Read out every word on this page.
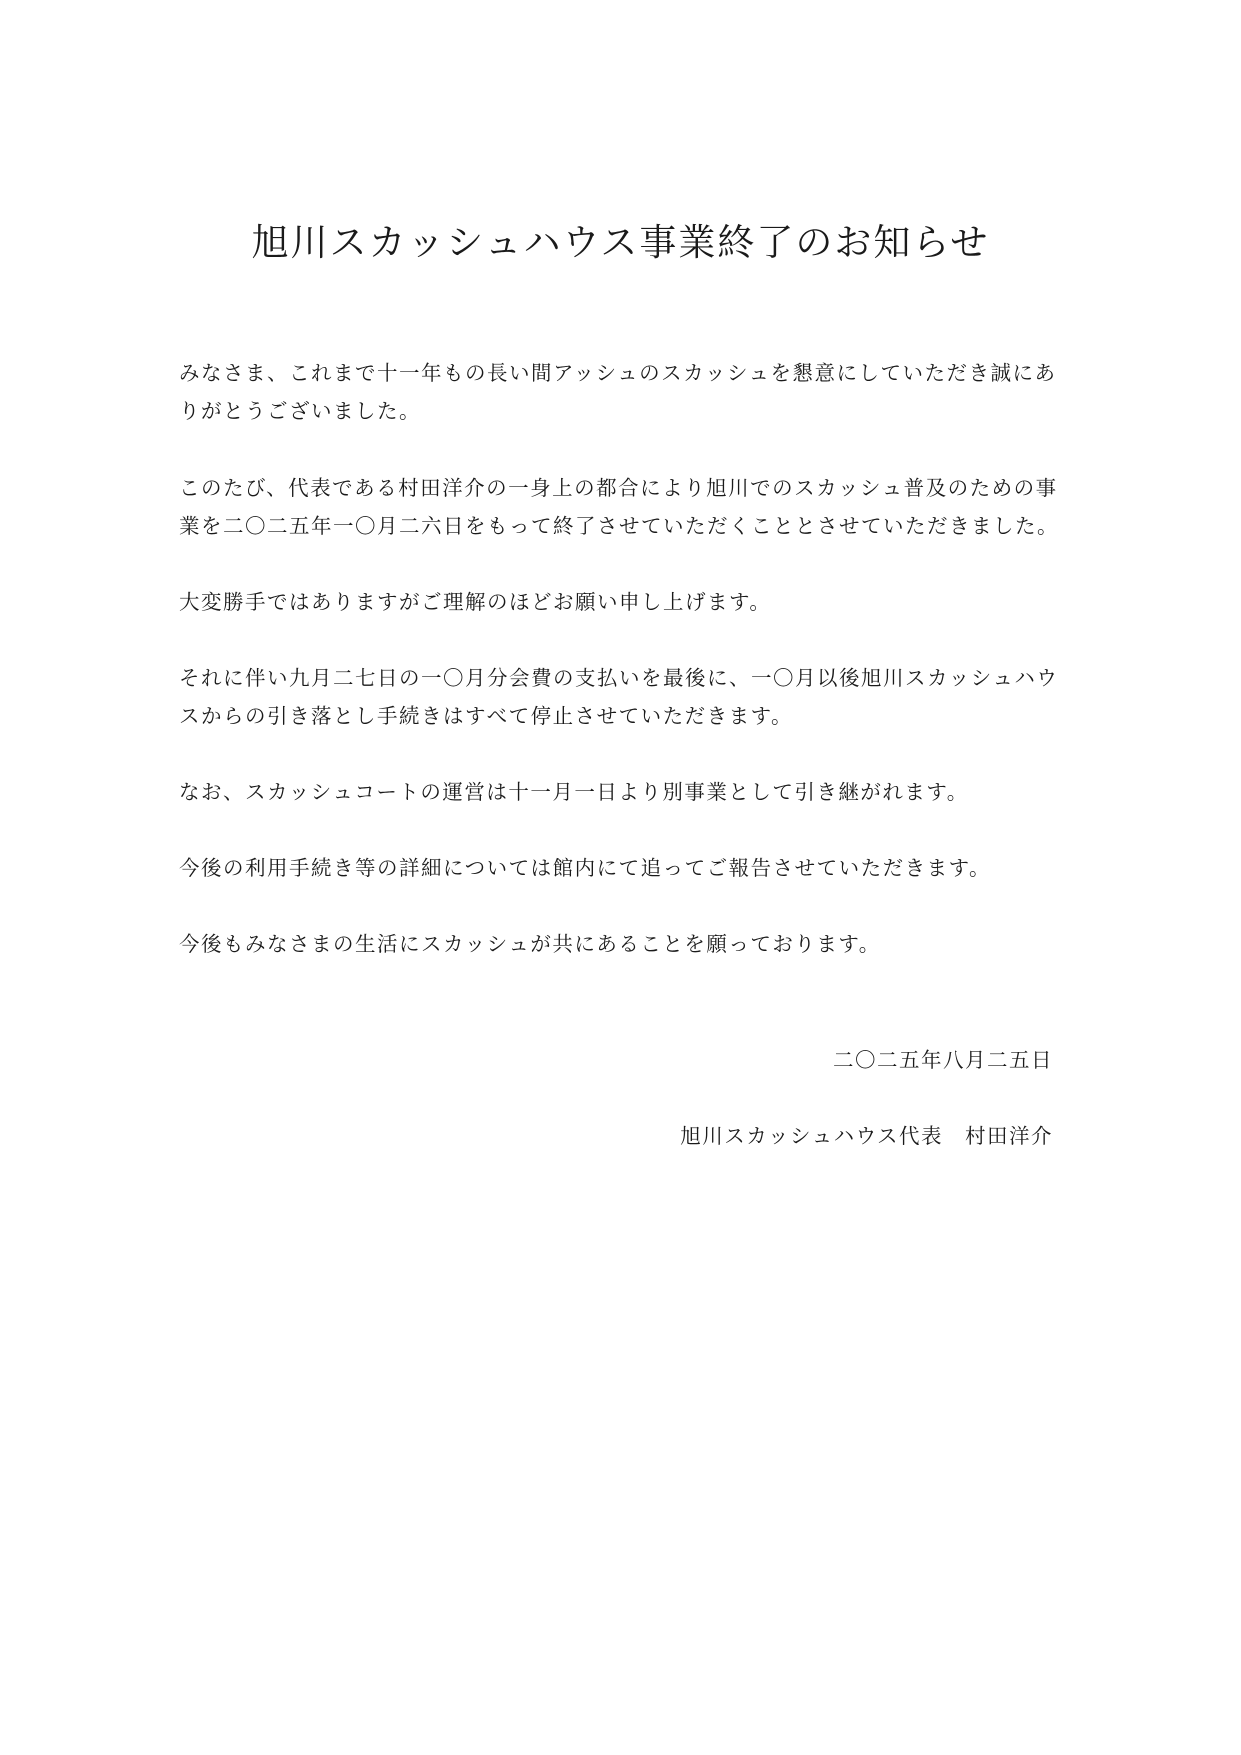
旭川スカッシュハウス事業終了のお知らせ

みなさま、これまで十一年もの長い間アッシュのスカッシュを懇意にしていただき誠にあ

りがとうございました。

このたび、代表である村田洋介の一身上の都合により旭川でのスカッシュ普及のための事

業を二〇二五年一〇月二六日をもって終了させていただくこととさせていただきました。

大変勝手ではありますがご理解のほどお願い申し上げます。

それに伴い九月二七日の一〇月分会費の支払いを最後に、一〇月以後旭川スカッシュハウ

スからの引き落とし手続きはすべて停止させていただきます。

なお、スカッシュコートの運営は十一月一日より別事業として引き継がれます。

今後の利用手続き等の詳細については館内にて追ってご報告させていただきます。

今後もみなさまの生活にスカッシュが共にあることを願っております。

二〇二五年八月二五日
旭川スカッシュハウス代表　村田洋介
